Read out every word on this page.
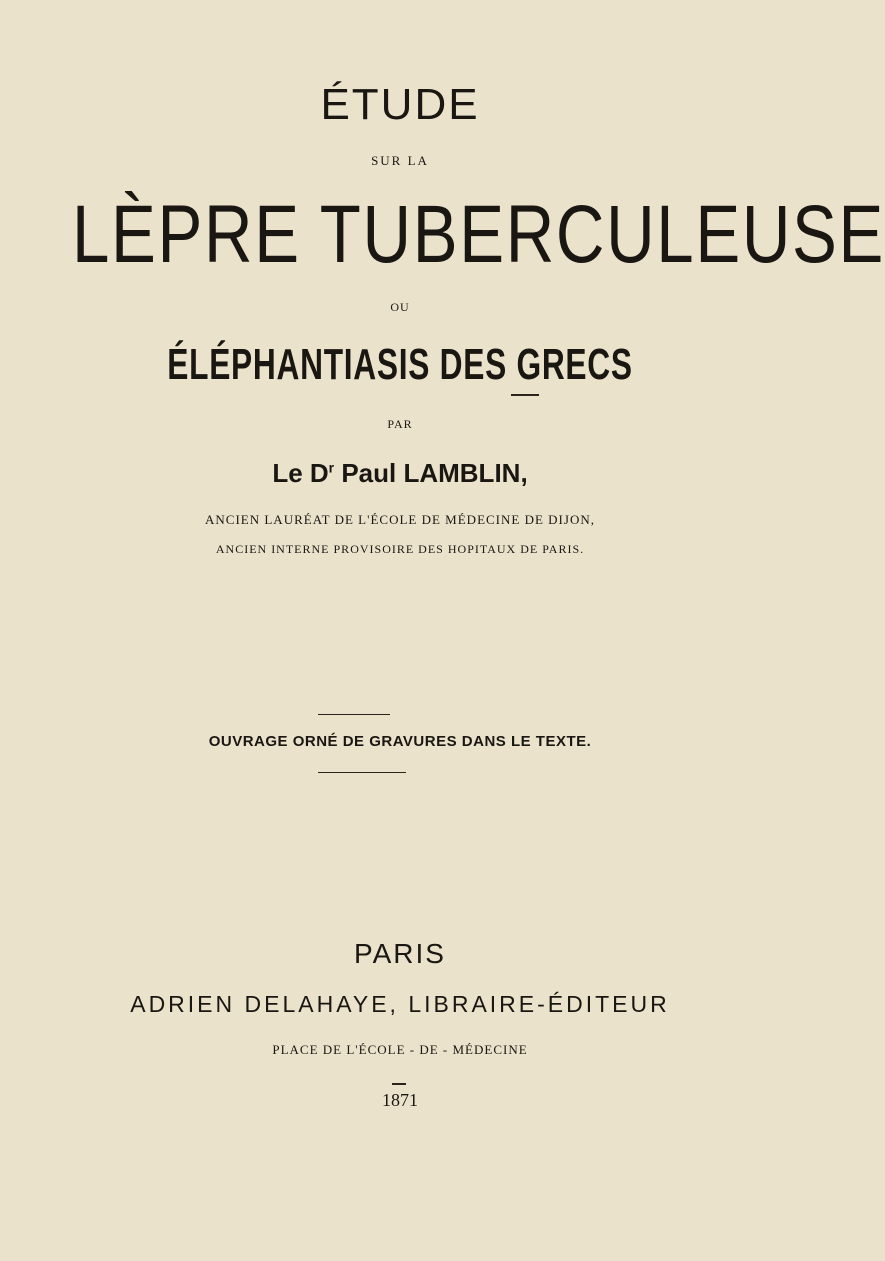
ÉTUDE
SUR LA
LÈPRE TUBERCULEUSE
OU
ÉLÉPHANTIASIS DES GRECS
PAR
Le $D^r$ Paul LAMBLIN,
ANCIEN LAURÉAT DE L'ÉCOLE DE MÉDECINE DE DIJON,
ANCIEN INTERNE PROVISOIRE DES HOPITAUX DE PARIS.
OUVRAGE ORNÉ DE GRAVURES DANS LE TEXTE.
PARIS
ADRIEN DELAHAYE, LIBRAIRE-ÉDITEUR
PLACE DE L'ÉCOLE - DE - MÉDECINE
1871
